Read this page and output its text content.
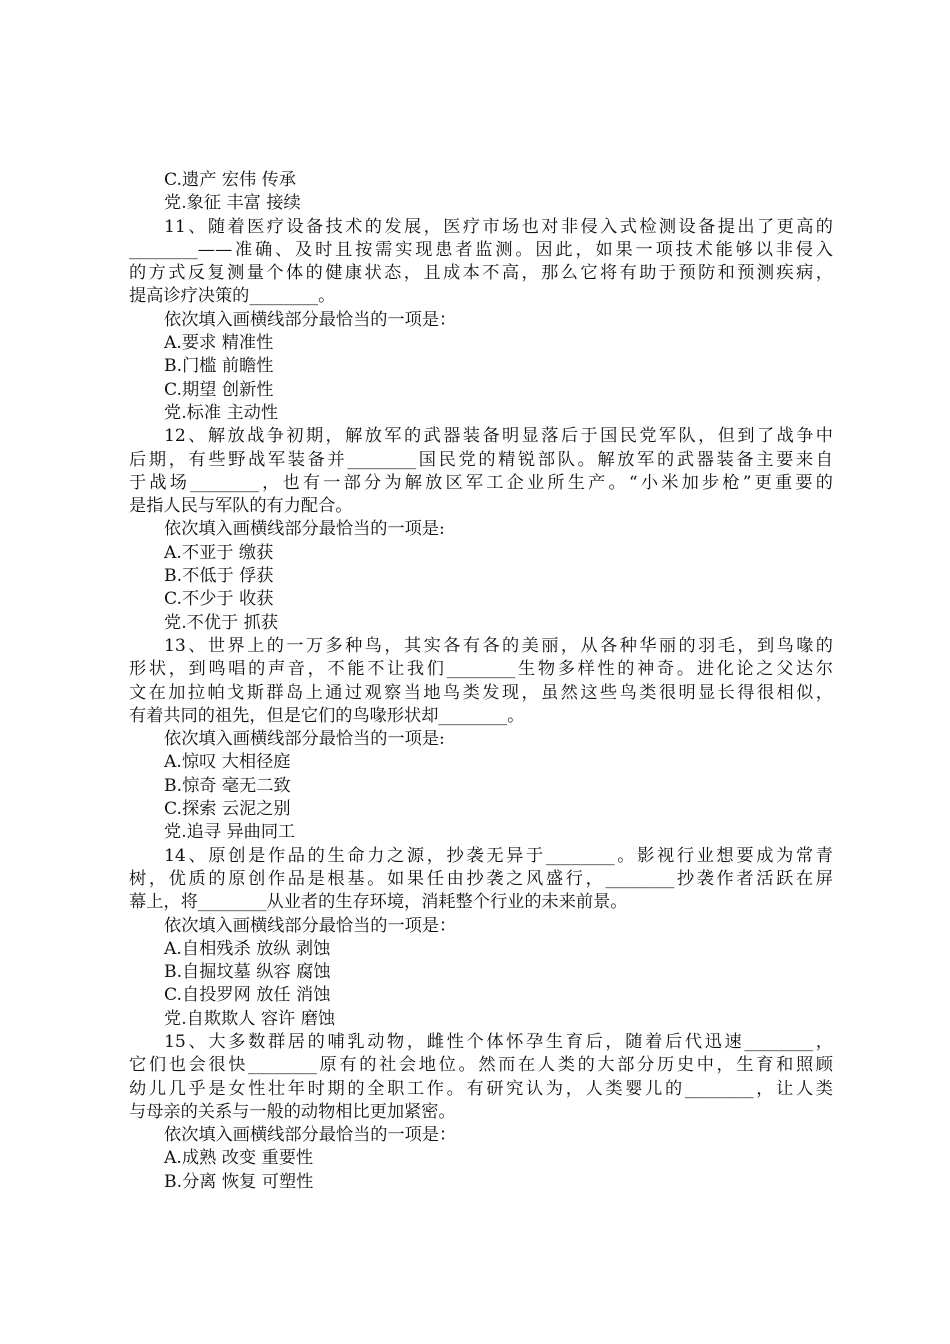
C.遗产 宏伟 传承

党.象征 丰富 接续

11、随着医疗设备技术的发展，医疗市场也对非侵入式检测设备提出了更高的

________——准确、及时且按需实现患者监测。因此，如果一项技术能够以非侵入

的方式反复测量个体的健康状态，且成本不高，那么它将有助于预防和预测疾病，

提高诊疗决策的________。

依次填入画横线部分最恰当的一项是：

A.要求 精准性

B.门槛 前瞻性

C.期望 创新性

党.标准 主动性

12、解放战争初期，解放军的武器装备明显落后于国民党军队，但到了战争中

后期，有些野战军装备并________国民党的精锐部队。解放军的武器装备主要来自

于战场________，也有一部分为解放区军工企业所生产。“小米加步枪”更重要的

是指人民与军队的有力配合。

依次填入画横线部分最恰当的一项是:

A.不亚于 缴获

B.不低于 俘获

C.不少于 收获

党.不优于 抓获

13、世界上的一万多种鸟，其实各有各的美丽，从各种华丽的羽毛，到鸟喙的

形状，到鸣唱的声音，不能不让我们________生物多样性的神奇。进化论之父达尔

文在加拉帕戈斯群岛上通过观察当地鸟类发现，虽然这些鸟类很明显长得很相似，

有着共同的祖先，但是它们的鸟喙形状却________。

依次填入画横线部分最恰当的一项是:

A.惊叹 大相径庭

B.惊奇 毫无二致

C.探索 云泥之别

党.追寻 异曲同工

14、原创是作品的生命力之源，抄袭无异于________。影视行业想要成为常青

树，优质的原创作品是根基。如果任由抄袭之风盛行，________抄袭作者活跃在屏

幕上，将________从业者的生存环境，消耗整个行业的未来前景。

依次填入画横线部分最恰当的一项是：

A.自相残杀 放纵 剥蚀

B.自掘坟墓 纵容 腐蚀

C.自投罗网 放任 消蚀

党.自欺欺人 容许 磨蚀

15、大多数群居的哺乳动物，雌性个体怀孕生育后，随着后代迅速________，

它们也会很快________原有的社会地位。然而在人类的大部分历史中，生育和照顾

幼儿几乎是女性壮年时期的全职工作。有研究认为，人类婴儿的________，让人类

与母亲的关系与一般的动物相比更加紧密。

依次填入画横线部分最恰当的一项是：

A.成熟 改变 重要性

B.分离 恢复 可塑性
